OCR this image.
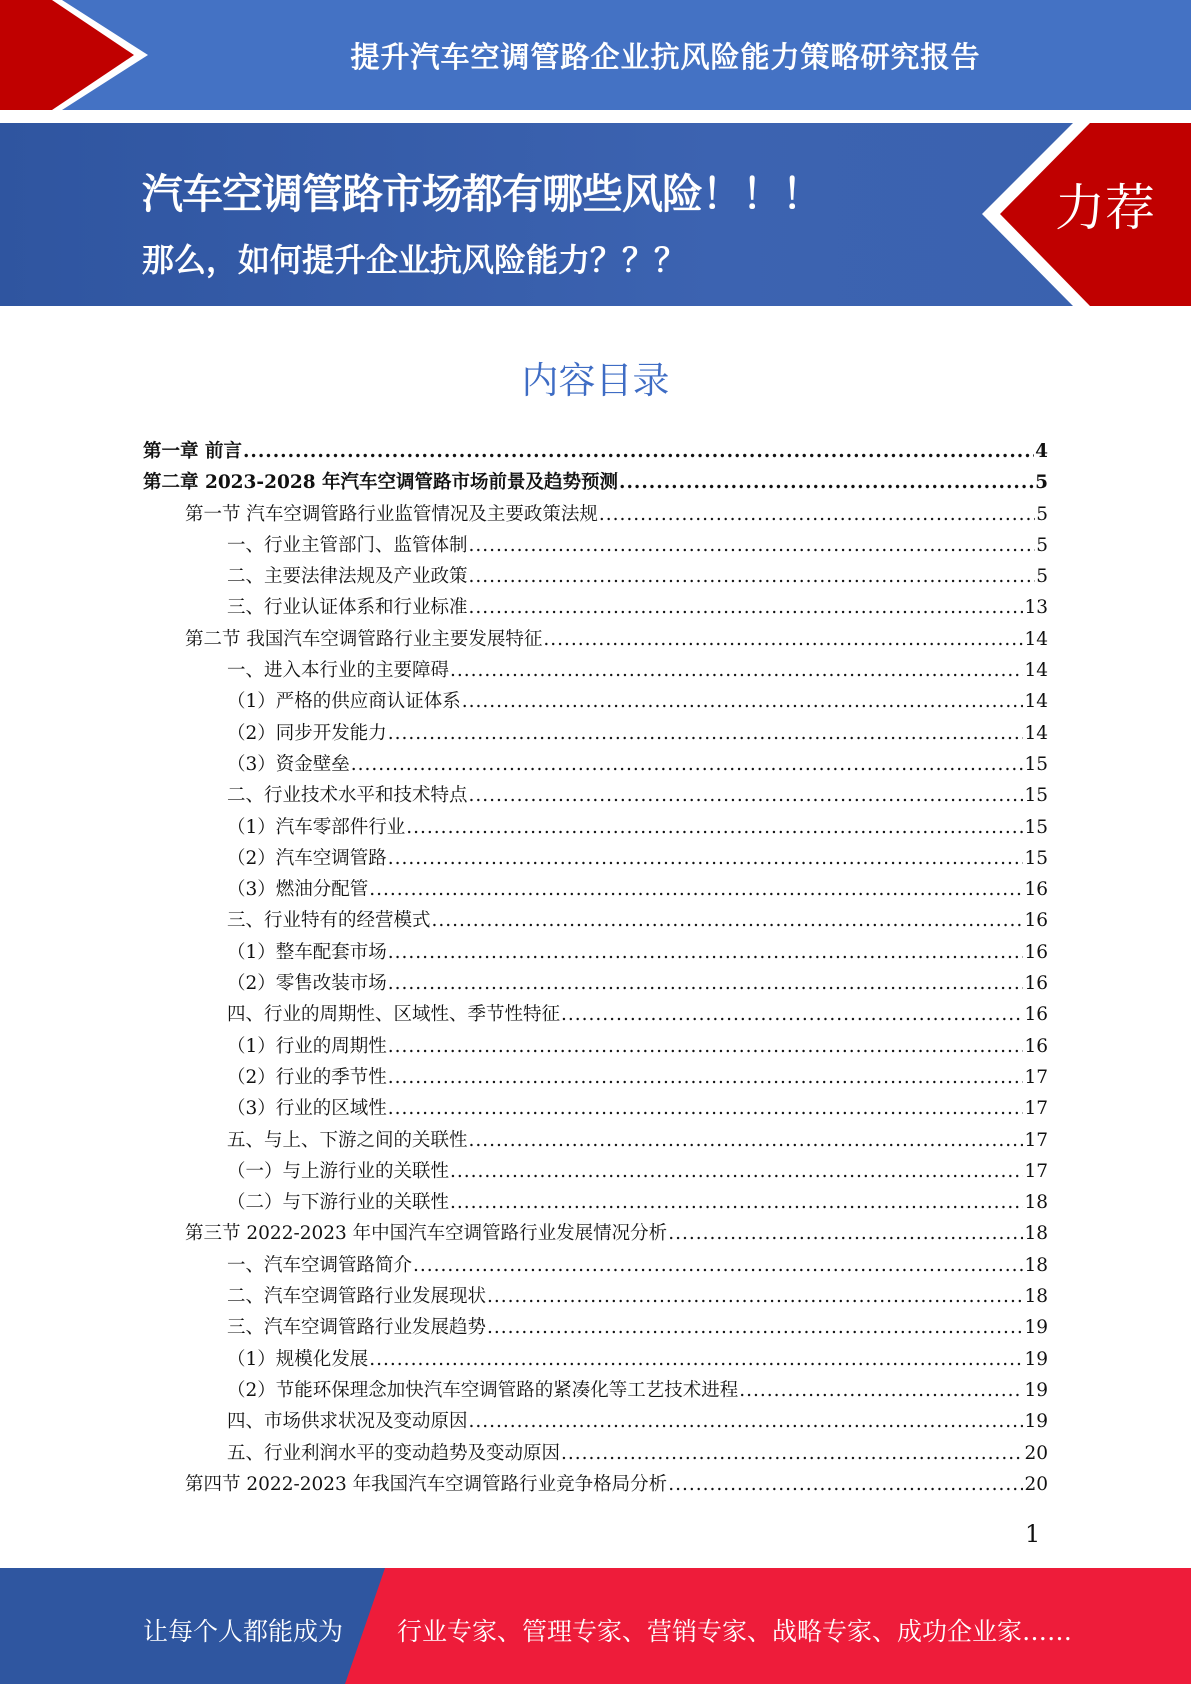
提升汽车空调管路企业抗风险能力策略研究报告
汽车空调管路市场都有哪些风险！！！
那么，如何提升企业抗风险能力？？？
力荐
内容目录
第一章 前言 .....	4
第二章 2023-2028 年汽车空调管路市场前景及趋势预测 .....	5
第一节 汽车空调管路行业监管情况及主要政策法规 .....	5
一、行业主管部门、监管体制 .....	5
二、主要法律法规及产业政策 .....	5
三、行业认证体系和行业标准 .....	13
第二节 我国汽车空调管路行业主要发展特征 .....	14
一、进入本行业的主要障碍 .....	14
（1）严格的供应商认证体系 .....	14
（2）同步开发能力 .....	14
（3）资金壁垒 .....	15
二、行业技术水平和技术特点 .....	15
（1）汽车零部件行业 .....	15
（2）汽车空调管路 .....	15
（3）燃油分配管 .....	16
三、行业特有的经营模式 .....	16
（1）整车配套市场 .....	16
（2）零售改装市场 .....	16
四、行业的周期性、区域性、季节性特征 .....	16
（1）行业的周期性 .....	16
（2）行业的季节性 .....	17
（3）行业的区域性 .....	17
五、与上、下游之间的关联性 .....	17
（一）与上游行业的关联性 .....	17
（二）与下游行业的关联性 .....	18
第三节 2022-2023 年中国汽车空调管路行业发展情况分析 .....	18
一、汽车空调管路简介 .....	18
二、汽车空调管路行业发展现状 .....	18
三、汽车空调管路行业发展趋势 .....	19
（1）规模化发展 .....	19
（2）节能环保理念加快汽车空调管路的紧凑化等工艺技术进程 .....	19
四、市场供求状况及变动原因 .....	19
五、行业利润水平的变动趋势及变动原因 .....	20
第四节 2022-2023 年我国汽车空调管路行业竞争格局分析 .....	20
1
让每个人都能成为 行业专家、管理专家、营销专家、战略专家、成功企业家……
